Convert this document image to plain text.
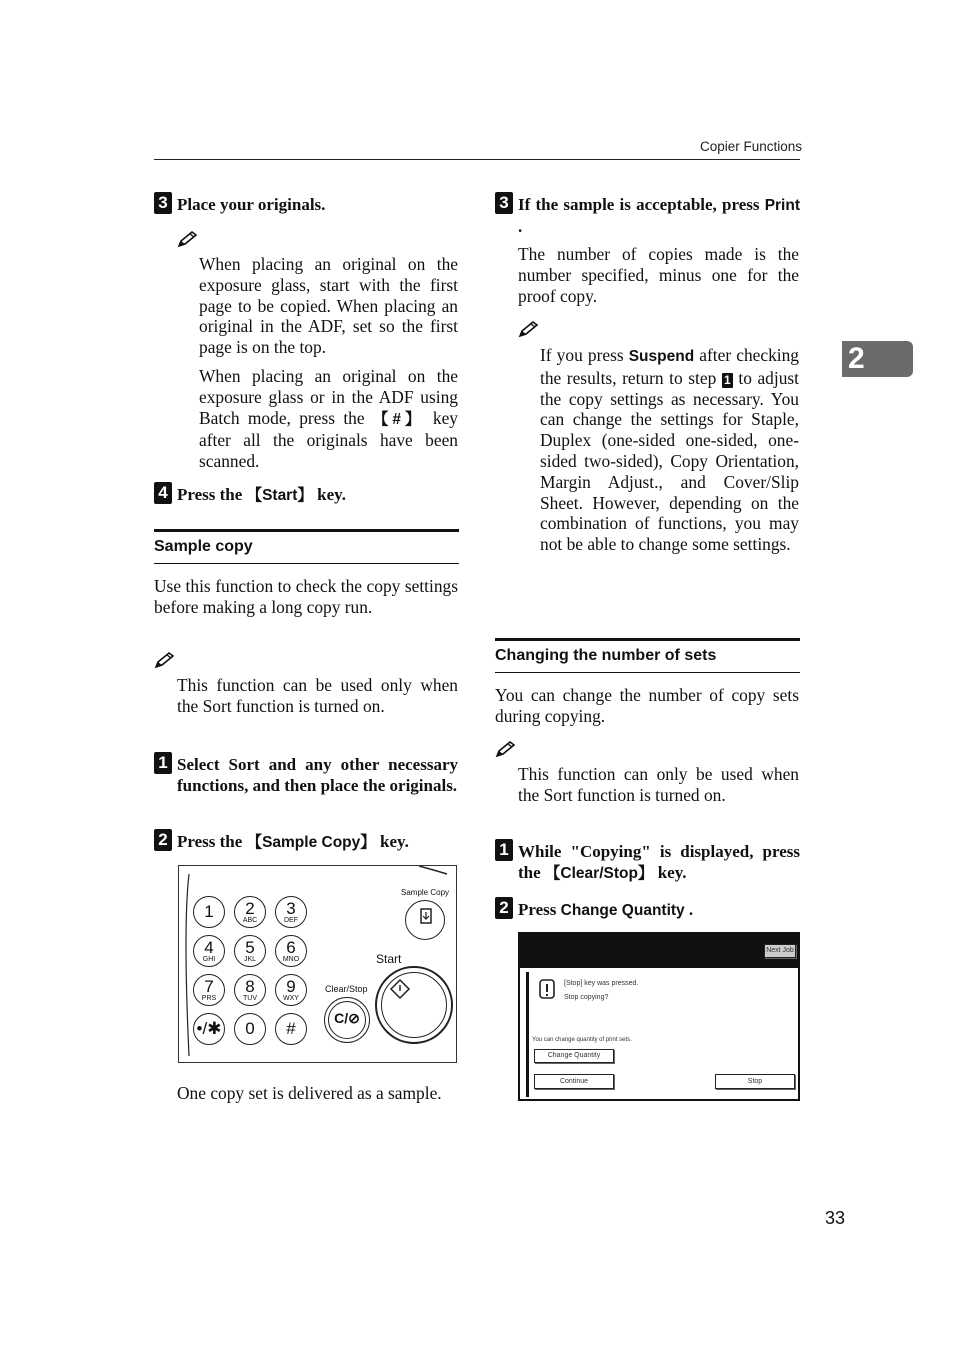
Copier Functions
2
3 Place your originals.
When placing an original on the exposure glass, start with the first page to be copied. When placing an original in the ADF, set so the first page is on the top.
When placing an original on the exposure glass or in the ADF using Batch mode, press the 【#】 key after all the originals have been scanned.
4 Press the 【Start】 key.
Sample copy
Use this function to check the copy settings before making a long copy run.
This function can be used only when the Sort function is turned on.
1 Select Sort and any other necessary functions, and then place the originals.
2 Press the 【Sample Copy】 key.
1	2
ABC
3
DEF
4
GHI
5
JKL
6
MNO
7
PRS
8
TUV
9
WXY
•/✱	0	#
Sample Copy
Start
Clear/Stop
C/⊘
One copy set is delivered as a sample.
3 If the sample is acceptable, press Print .
The number of copies made is the number specified, minus one for the proof copy.
If you press Suspend after checking the results, return to step 1 to adjust the copy settings as necessary. You can change the settings for Staple, Duplex (one-sided one-sided, one-sided two-sided), Copy Orientation, Margin Adjust., and Cover/Slip Sheet. However, depending on the combination of functions, you may not be able to change some settings.
Changing the number of sets
You can change the number of copy sets during copying.
This function can only be used when the Sort function is turned on.
1 While "Copying" is displayed, press the 【Clear/Stop】 key.
2 Press Change Quantity .
Next Job
[Stop] key was pressed.
Stop copying?
You can change quantity of print sets.
Change Quantity
Continue	Stop
33
